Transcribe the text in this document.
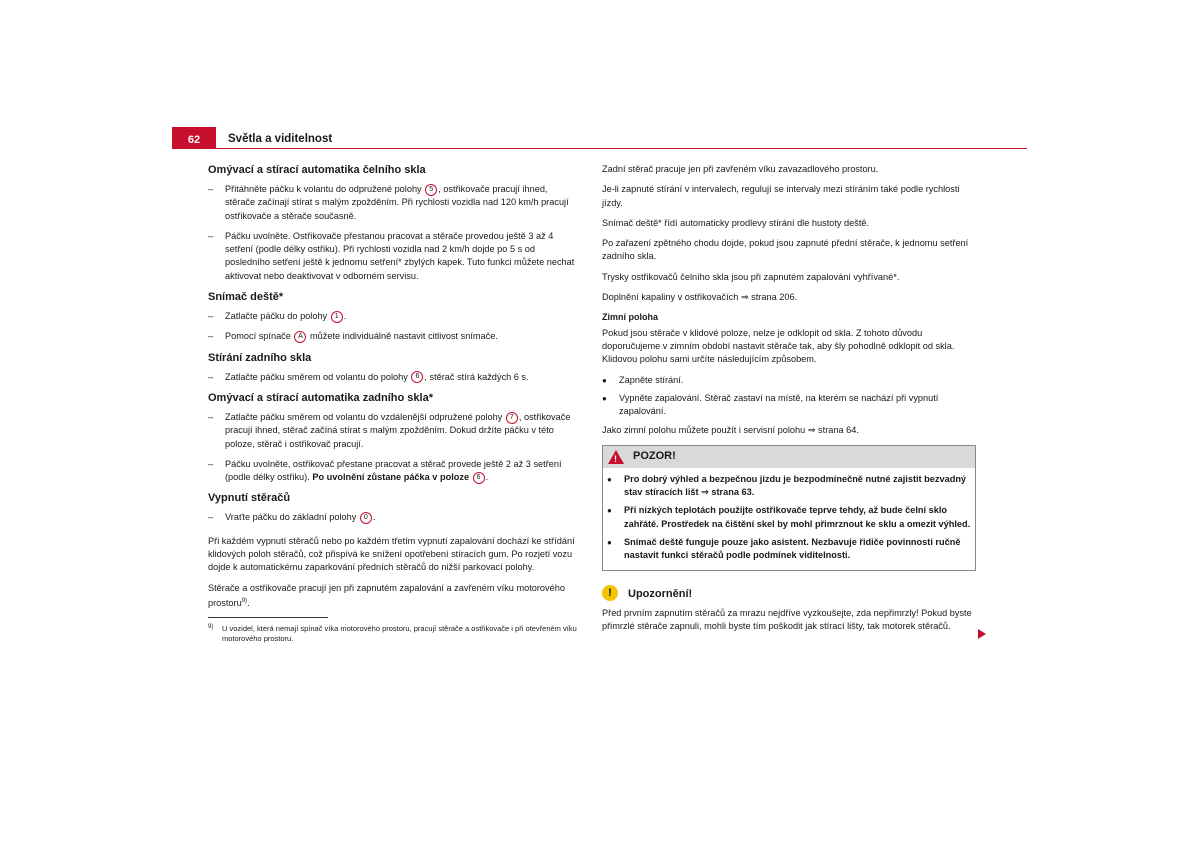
62	Světla a viditelnost
Omývací a stírací automatika čelního skla
– Přitáhněte páčku k volantu do odpružené polohy 5 , ostřikovače pracují ihned, stěrače začínají stírat s malým zpožděním. Při rychlosti vozidla nad 120 km/h pracují ostřikovače a stěrače současně.
– Páčku uvolněte. Ostřikovače přestanou pracovat a stěrače provedou ještě 3 až 4 setření (podle délky ostřiku). Při rychlosti vozidla nad 2 km/h dojde po 5 s od posledního setření ještě k jednomu setření* zbylých kapek. Tuto funkci můžete nechat aktivovat nebo deaktivovat v odborném servisu.
Snímač deště*
– Zatlačte páčku do polohy 1 .
– Pomocí spínače A můžete individuálně nastavit citlivost snímače.
Stírání zadního skla
– Zatlačte páčku směrem od volantu do polohy 6 , stěrač stírá každých 6 s.
Omývací a stírací automatika zadního skla*
– Zatlačte páčku směrem od volantu do vzdálenější odpružené polohy 7 , ostřikovače pracují ihned, stěrač začíná stírat s malým zpožděním. Dokud držíte páčku v této poloze, stěrač i ostřikovač pracují.
– Páčku uvolněte, ostřikovač přestane pracovat a stěrač provede ještě 2 až 3 setření (podle délky ostřiku). Po uvolnění zůstane páčka v poloze 6 .
Vypnutí stěračů
– Vraťte páčku do základní polohy 0 .

Při každém vypnutí stěračů nebo po každém třetím vypnutí zapalování dochází ke střídání klidových poloh stěračů, což přispívá ke snížení opotřebení stíracích gum. Po rozjetí vozu dojde k automatickému zaparkování předních stěračů do nižší parkovací polohy.

Stěrače a ostřikovače pracují jen při zapnutém zapalování a zavřeném víku motorového prostoru$^{9)}$.

9) U vozidel, která nemají spínač víka motorového prostoru, pracují stěrače a ostřikovače i při otevřeném víku motorového prostoru.

Zadní stěrač pracuje jen při zavřeném víku zavazadlového prostoru.

Je-li zapnuté stírání v intervalech, regulují se intervaly mezi stíráním také podle rychlosti jízdy.

Snímač deště* řídí automaticky prodlevy stírání dle hustoty deště.

Po zařazení zpětného chodu dojde, pokud jsou zapnuté přední stěrače, k jednomu setření zadního skla.

Trysky ostřikovačů čelního skla jsou při zapnutém zapalování vyhřívané*.

Doplnění kapaliny v ostřikovačích ⇒ strana 206.

Zimní poloha

Pokud jsou stěrače v klidové poloze, nelze je odklopit od skla. Z tohoto důvodu doporučujeme v zimním období nastavit stěrače tak, aby šly pohodlně odklopit od skla. Klidovou polohu sami určíte následujícím způsobem.

● Zapněte stírání.
● Vypněte zapalování. Stěrač zastaví na místě, na kterém se nachází při vypnutí zapalování.

Jako zimní polohu můžete použít i servisní polohu ⇒ strana 64.

! POZOR!
● Pro dobrý výhled a bezpečnou jízdu je bezpodmínečně nutné zajistit bezvadný stav stíracích lišt ⇒ strana 63.
● Při nízkých teplotách použijte ostřikovače teprve tehdy, až bude čelní sklo zahřáté. Prostředek na čištění skel by mohl přimrznout ke sklu a omezit výhled.
● Snímač deště funguje pouze jako asistent. Nezbavuje řidiče povinnosti ručně nastavit funkci stěračů podle podmínek viditelnosti.
!	Upozornění!

Před prvním zapnutím stěračů za mrazu nejdříve vyzkoušejte, zda nepřimrzly! Pokud byste přimrzlé stěrače zapnuli, mohli byste tím poškodit jak stírací lišty, tak motorek stěračů.
